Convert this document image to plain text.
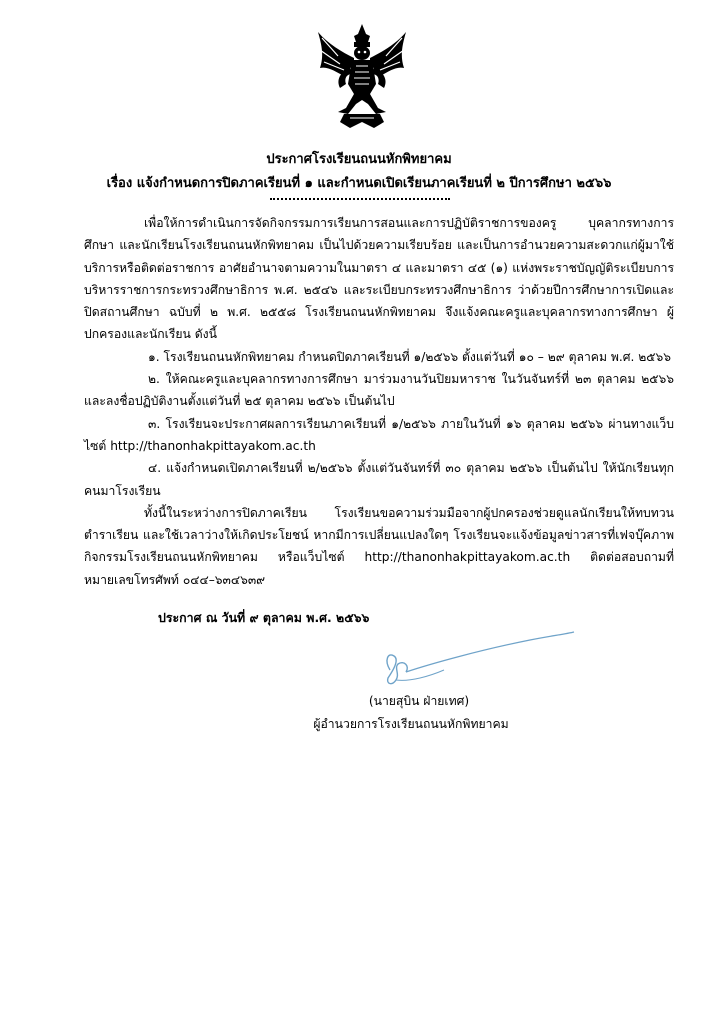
ประกาศโรงเรียนถนนหักพิทยาคม
เรื่อง แจ้งกำหนดการปิดภาคเรียนที่ ๑ และกำหนดเปิดเรียนภาคเรียนที่ ๒ ปีการศึกษา ๒๕๖๖

เพื่อให้การดำเนินการจัดกิจกรรมการเรียนการสอนและการปฏิบัติราชการของครู บุคลากรทางการศึกษา และนักเรียนโรงเรียนถนนหักพิทยาคม เป็นไปด้วยความเรียบร้อย และเป็นการอำนวยความสะดวกแก่ผู้มาใช้บริการหรือติดต่อราชการ อาศัยอำนาจตามความในมาตรา ๔ และมาตรา ๔๕ (๑) แห่งพระราชบัญญัติระเบียบการบริหารราชการกระทรวงศึกษาธิการ พ.ศ. ๒๕๔๖ และระเบียบกระทรวงศึกษาธิการ ว่าด้วยปีการศึกษาการเปิดและปิดสถานศึกษา ฉบับที่ ๒ พ.ศ. ๒๕๕๘ โรงเรียนถนนหักพิทยาคม จึงแจ้งคณะครูและบุคลากรทางการศึกษา ผู้ปกครองและนักเรียน ดังนี้

๑. โรงเรียนถนนหักพิทยาคม กำหนดปิดภาคเรียนที่ ๑/๒๕๖๖ ตั้งแต่วันที่ ๑๐ – ๒๙ ตุลาคม พ.ศ. ๒๕๖๖

๒. ให้คณะครูและบุคลากรทางการศึกษา มาร่วมงานวันปิยมหาราช ในวันจันทร์ที่ ๒๓ ตุลาคม ๒๕๖๖ และลงชื่อปฏิบัติงานตั้งแต่วันที่ ๒๕ ตุลาคม ๒๕๖๖ เป็นต้นไป

๓. โรงเรียนจะประกาศผลการเรียนภาคเรียนที่ ๑/๒๕๖๖ ภายในวันที่ ๑๖ ตุลาคม ๒๕๖๖ ผ่านทางแว็บไซต์ http://thanonhakpittayakom.ac.th

๔. แจ้งกำหนดเปิดภาคเรียนที่ ๒/๒๕๖๖ ตั้งแต่วันจันทร์ที่ ๓๐ ตุลาคม ๒๕๖๖ เป็นต้นไป ให้นักเรียนทุกคนมาโรงเรียน

ทั้งนี้ในระหว่างการปิดภาคเรียน โรงเรียนขอความร่วมมือจากผู้ปกครองช่วยดูแลนักเรียนให้ทบทวนตำราเรียน และใช้เวลาว่างให้เกิดประโยชน์ หากมีการเปลี่ยนแปลงใดๆ โรงเรียนจะแจ้งข้อมูลข่าวสารที่เฟจบุ๊คภาพกิจกรรมโรงเรียนถนนหักพิทยาคม หรือแว็บไซต์ http://thanonhakpittayakom.ac.th ติดต่อสอบถามที่หมายเลขโทรศัพท์ ๐๔๔–๖๓๔๖๓๙

ประกาศ ณ วันที่ ๙ ตุลาคม พ.ศ. ๒๕๖๖
(นายสุบิน ฝ่ายเทศ)
ผู้อำนวยการโรงเรียนถนนหักพิทยาคม
